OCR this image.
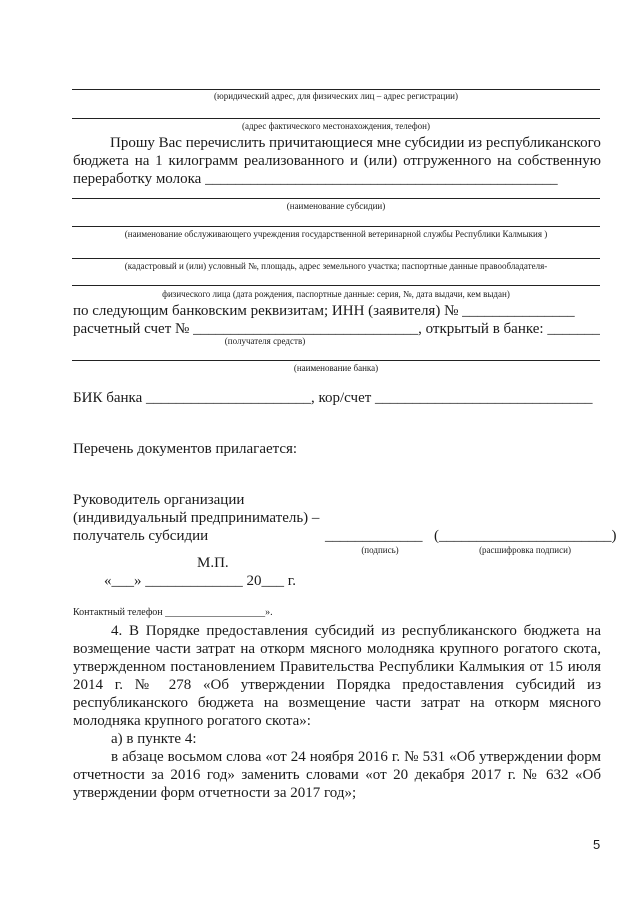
(юридический адрес, для физических лиц – адрес регистрации)
(адрес фактического местонахождения, телефон)
Прошу Вас перечислить причитающиеся мне субсидии из республиканского
бюджета на 1 килограмм реализованного и (или) отгруженного на собственную
переработку молока _______________________________________________
(наименование субсидии)
(наименование обслуживающего учреждения государственной ветеринарной службы Республики Калмыкия )
(кадастровый и (или) условный №, площадь, адрес земельного участка; паспортные данные правообладателя-
физического лица (дата рождения, паспортные данные: серия, №, дата выдачи, кем выдан)
по следующим банковским реквизитам; ИНН (заявителя) № _______________
расчетный счет № ______________________________, открытый в банке: _______
(получателя средств)
(наименование банка)
БИК банка ______________________, кор/счет _____________________________
Перечень документов прилагается:
Руководитель организации
(индивидуальный предприниматель) –
получатель субсидии	_____________ (_______________________)
(подпись)	(расшифровка подписи)
М.П.
«___» _____________ 20___ г.
Контактный телефон ____________________».
4. В Порядке предоставления субсидий из республиканского бюджета на
возмещение части затрат на откорм мясного молодняка крупного рогатого скота,
утвержденном постановлением Правительства Республики Калмыкия от 15 июля
2014 г. № 278 «Об утверждении Порядка предоставления субсидий из
республиканского бюджета на возмещение части затрат на откорм мясного
молодняка крупного рогатого скота»:
а) в пункте 4:
в абзаце восьмом слова «от 24 ноября 2016 г. № 531 «Об утверждении форм
отчетности за 2016 год» заменить словами «от 20 декабря 2017 г. № 632 «Об
утверждении форм отчетности за 2017 год»;
5
